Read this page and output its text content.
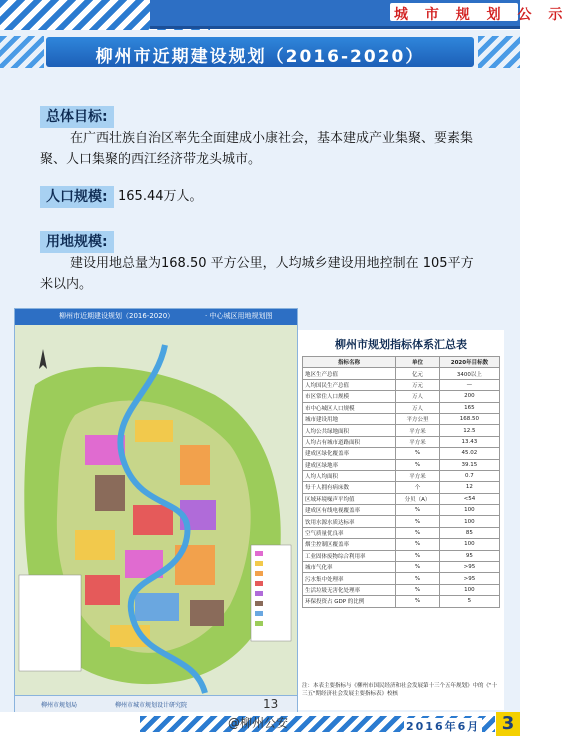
城 市 规 划 公 示
柳州市近期建设规划（2016-2020）
总体目标:
在广西壮族自治区率先全面建成小康社会，基本建成产业集聚、要素集聚、人口集聚的西江经济带龙头城市。
人口规模: 165.44万人。
用地规模:
建设用地总量为168.50 平方公里，人均城乡建设用地控制在 105平方米以内。
柳州市近期建设规划（2016-2020）	· 中心城区用地规划图
柳州市规划局	柳州市城市规划设计研究院	13
柳州市规划指标体系汇总表
指标名称	单位	2020年目标数
地区生产总值	亿元	3400以上
人均国民生产总值	万元	—
市区常住人口规模	万人	200
市中心城区人口规模	万人	165
城市建设用地	平方公里	168.50
人均公共绿地面积	平方米	12.5
人均占有城市道路面积	平方米	13.43
建成区绿化覆盖率	%	45.02
建成区绿地率	%	39.15
人均人均面积	平方米	0.7
每千人拥有病床数	个	12
区域环境噪声平均值	分贝（A）	<54
建成区有线电视覆盖率	%	100
饮用水源水质达标率	%	100
空气质量优良率	%	85
烟尘控制区覆盖率	%	100
工业固体废物综合利用率	%	95
城市气化率	%	>95
污水集中处理率	%	>95
生活垃圾无害化处理率	%	100
环保投资占 GDP 的比例	%	5
注：本表主要指标与《柳州市国民经济和社会发展第十三个五年规划》中的《"十三五"期经济社会发展主要指标表》校核
2016年6月	3
@柳州公安
